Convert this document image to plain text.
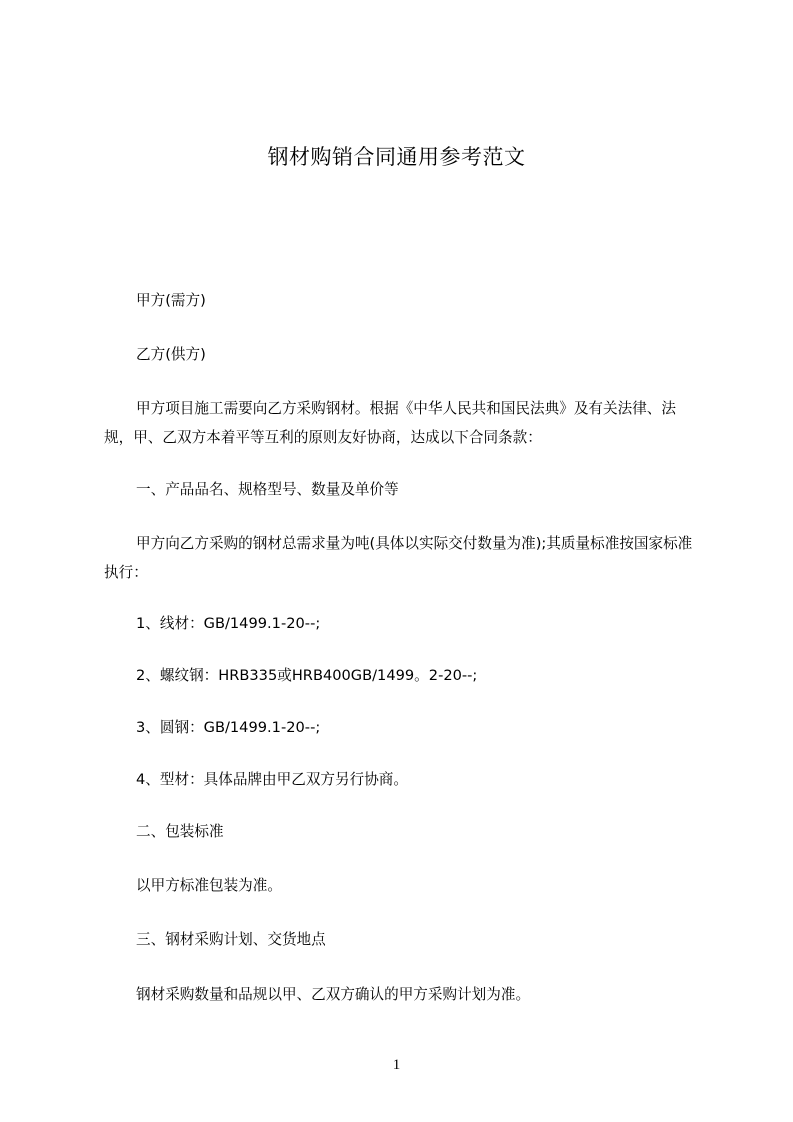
钢材购销合同通用参考范文
甲方(需方)
乙方(供方)
甲方项目施工需要向乙方采购钢材。根据《中华人民共和国民法典》及有关法律、法规，甲、乙双方本着平等互利的原则友好协商，达成以下合同条款：
一、产品品名、规格型号、数量及单价等
甲方向乙方采购的钢材总需求量为吨(具体以实际交付数量为准);其质量标准按国家标准执行：
1、线材：GB/1499.1-20--;
2、螺纹钢：HRB335或HRB400GB/1499。2-20--;
3、圆钢：GB/1499.1-20--;
4、型材：具体品牌由甲乙双方另行协商。
二、包装标准
以甲方标准包装为准。
三、钢材采购计划、交货地点
钢材采购数量和品规以甲、乙双方确认的甲方采购计划为准。
1
